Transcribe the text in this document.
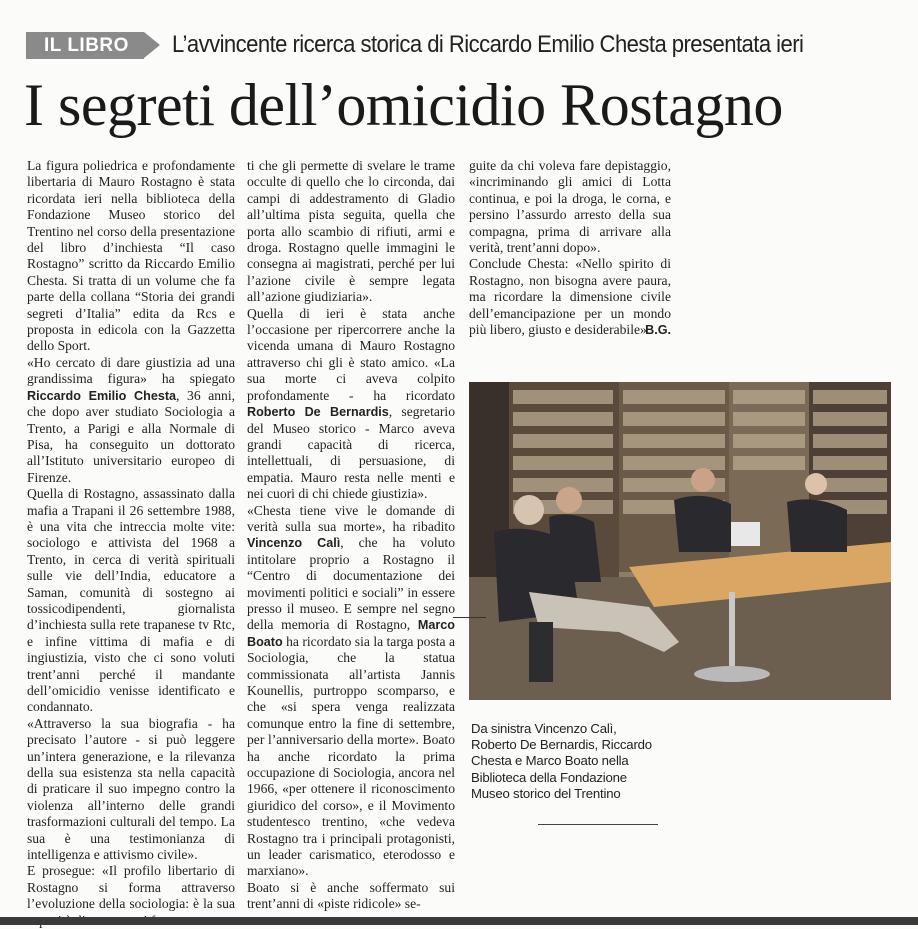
IL LIBRO	L’avvincente ricerca storica di Riccardo Emilio Chesta presentata ieri
I segreti dell’omicidio Rostagno

La figura poliedrica e profondamente libertaria di Mauro Rostagno è stata ricordata ieri nella biblioteca della Fondazione Museo storico del Trentino nel corso della presentazione del libro d’inchiesta “Il caso Rostagno” scritto da Riccardo Emilio Chesta. Si tratta di un volume che fa parte della collana “Storia dei grandi segreti d’Italia” edita da Rcs e proposta in edicola con la Gazzetta dello Sport.

«Ho cercato di dare giustizia ad una grandissima figura» ha spiegato Riccardo Emilio Chesta, 36 anni, che dopo aver studiato Sociologia a Trento, a Parigi e alla Normale di Pisa, ha conseguito un dottorato all’Istituto universitario europeo di Firenze.

Quella di Rostagno, assassinato dalla mafia a Trapani il 26 settembre 1988, è una vita che intreccia molte vite: sociologo e attivista del 1968 a Trento, in cerca di verità spirituali sulle vie dell’India, educatore a Saman, comunità di sostegno ai tossicodipendenti, giornalista d’inchiesta sulla rete trapanese tv Rtc, e infine vittima di mafia e di ingiustizia, visto che ci sono voluti trent’anni perché il mandante dell’omicidio venisse identificato e condannato.

«Attraverso la sua biografia - ha precisato l’autore - si può leggere un’intera generazione, e la rilevanza della sua esistenza sta nella capacità di praticare il suo impegno contro la violenza all’interno delle grandi trasformazioni culturali del tempo. La sua è una testimonianza di intelligenza e attivismo civile».

E prosegue: «Il profilo libertario di Rostagno si forma attraverso l’evoluzione della sociologia: è la sua

ti che gli permette di svelare le trame occulte di quello che lo circonda, dai campi di addestramento di Gladio all’ultima pista seguita, quella che porta allo scambio di rifiuti, armi e droga. Rostagno quelle immagini le consegna ai magistrati, perché per lui l’azione civile è sempre legata all’azione giudiziaria».

Quella di ieri è stata anche l’occasione per ripercorrere anche la vicenda umana di Mauro Rostagno attraverso chi gli è stato amico. «La sua morte ci aveva colpito profondamente - ha ricordato Roberto De Bernardis, segretario del Museo storico - Marco aveva grandi capacità di ricerca, intellettuali, di persuasione, di empatia. Mauro resta nelle menti e nei cuori di chi chiede giustizia».

«Chesta tiene vive le domande di verità sulla sua morte», ha ribadito Vincenzo Calì, che ha voluto intitolare proprio a Rostagno il “Centro di documentazione dei movimenti politici e sociali” in essere presso il museo. E sempre nel segno della memoria di Rostagno, Marco Boato ha ricordato sia la targa posta a Sociologia, che la statua commissionata all’artista Jannis Kounellis, purtroppo scomparso, e che «si spera venga realizzata comunque entro la fine di settembre, per l’anniversario della morte». Boato ha anche ricordato la prima occupazione di Sociologia, ancora nel 1966, «per ottenere il riconoscimento giuridico del corso», e il Movimento studentesco trentino, «che vedeva Rostagno tra i principali protagonisti, un leader carismatico, eterodosso e marxiano».

Boato si è anche soffermato sui trent’anni di «piste ridicole» se-

guite da chi voleva fare depistaggio, «incriminando gli amici di Lotta continua, e poi la droga, le corna, e persino l’assurdo arresto della sua compagna, prima di arrivare alla verità, trent’anni dopo».

Conclude Chesta: «Nello spirito di Rostagno, non bisogna avere paura, ma ricordare la dimensione civile dell’emancipazione per un mondo più libero, giusto e desiderabile».

B.G.
Da sinistra Vincenzo Calì, Roberto De Bernardis, Riccardo Chesta e Marco Boato nella Biblioteca della Fondazione Museo storico del Trentino
